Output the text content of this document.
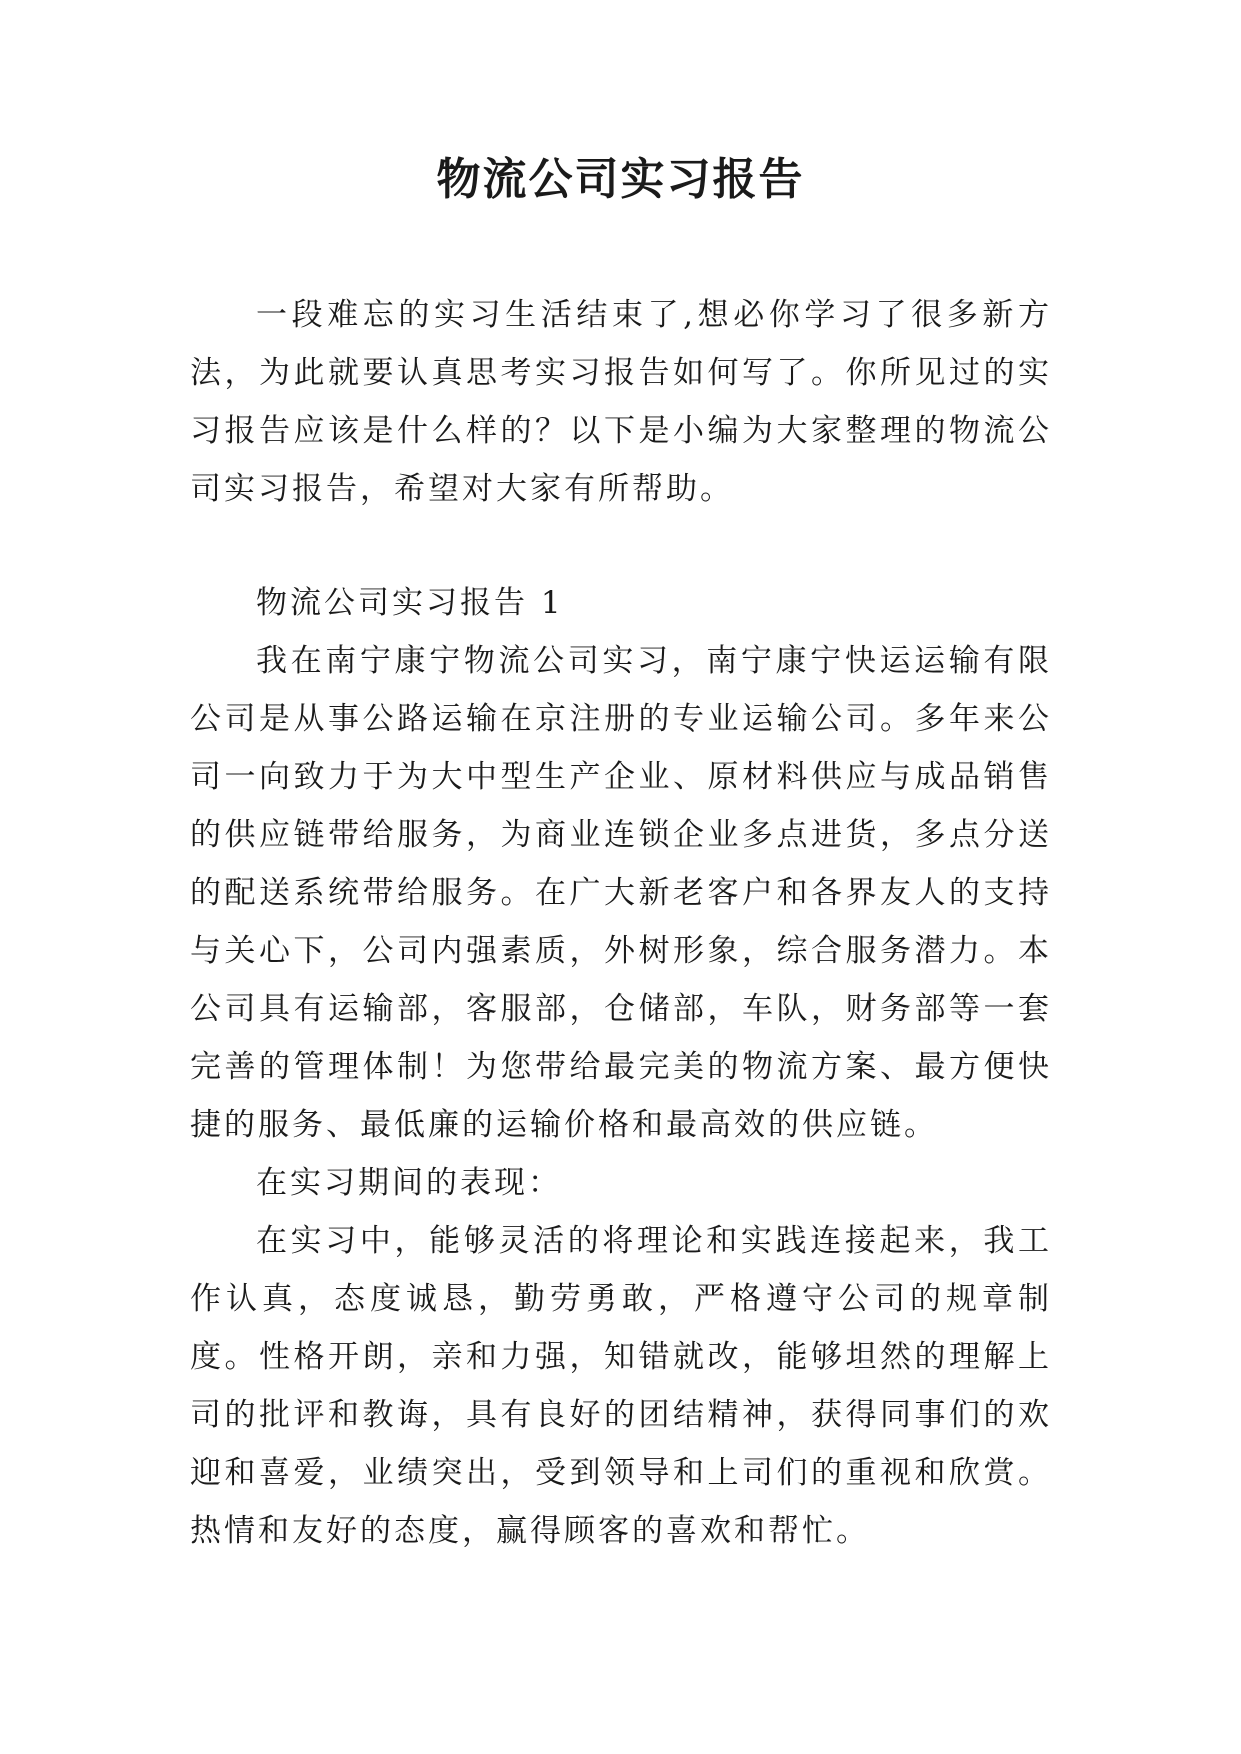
物流公司实习报告

一段难忘的实习生活结束了,想必你学习了很多新方法，为此就要认真思考实习报告如何写了。你所见过的实习报告应该是什么样的？以下是小编为大家整理的物流公司实习报告，希望对大家有所帮助。

物流公司实习报告 1

我在南宁康宁物流公司实习，南宁康宁快运运输有限公司是从事公路运输在京注册的专业运输公司。多年来公司一向致力于为大中型生产企业、原材料供应与成品销售的供应链带给服务，为商业连锁企业多点进货，多点分送的配送系统带给服务。在广大新老客户和各界友人的支持与关心下，公司内强素质，外树形象，综合服务潜力。本公司具有运输部，客服部，仓储部，车队，财务部等一套完善的管理体制！为您带给最完美的物流方案、最方便快捷的服务、最低廉的运输价格和最高效的供应链。

在实习期间的表现：

在实习中，能够灵活的将理论和实践连接起来，我工作认真，态度诚恳，勤劳勇敢，严格遵守公司的规章制度。性格开朗，亲和力强，知错就改，能够坦然的理解上司的批评和教诲，具有良好的团结精神，获得同事们的欢迎和喜爱，业绩突出，受到领导和上司们的重视和欣赏。热情和友好的态度，赢得顾客的喜欢和帮忙。
